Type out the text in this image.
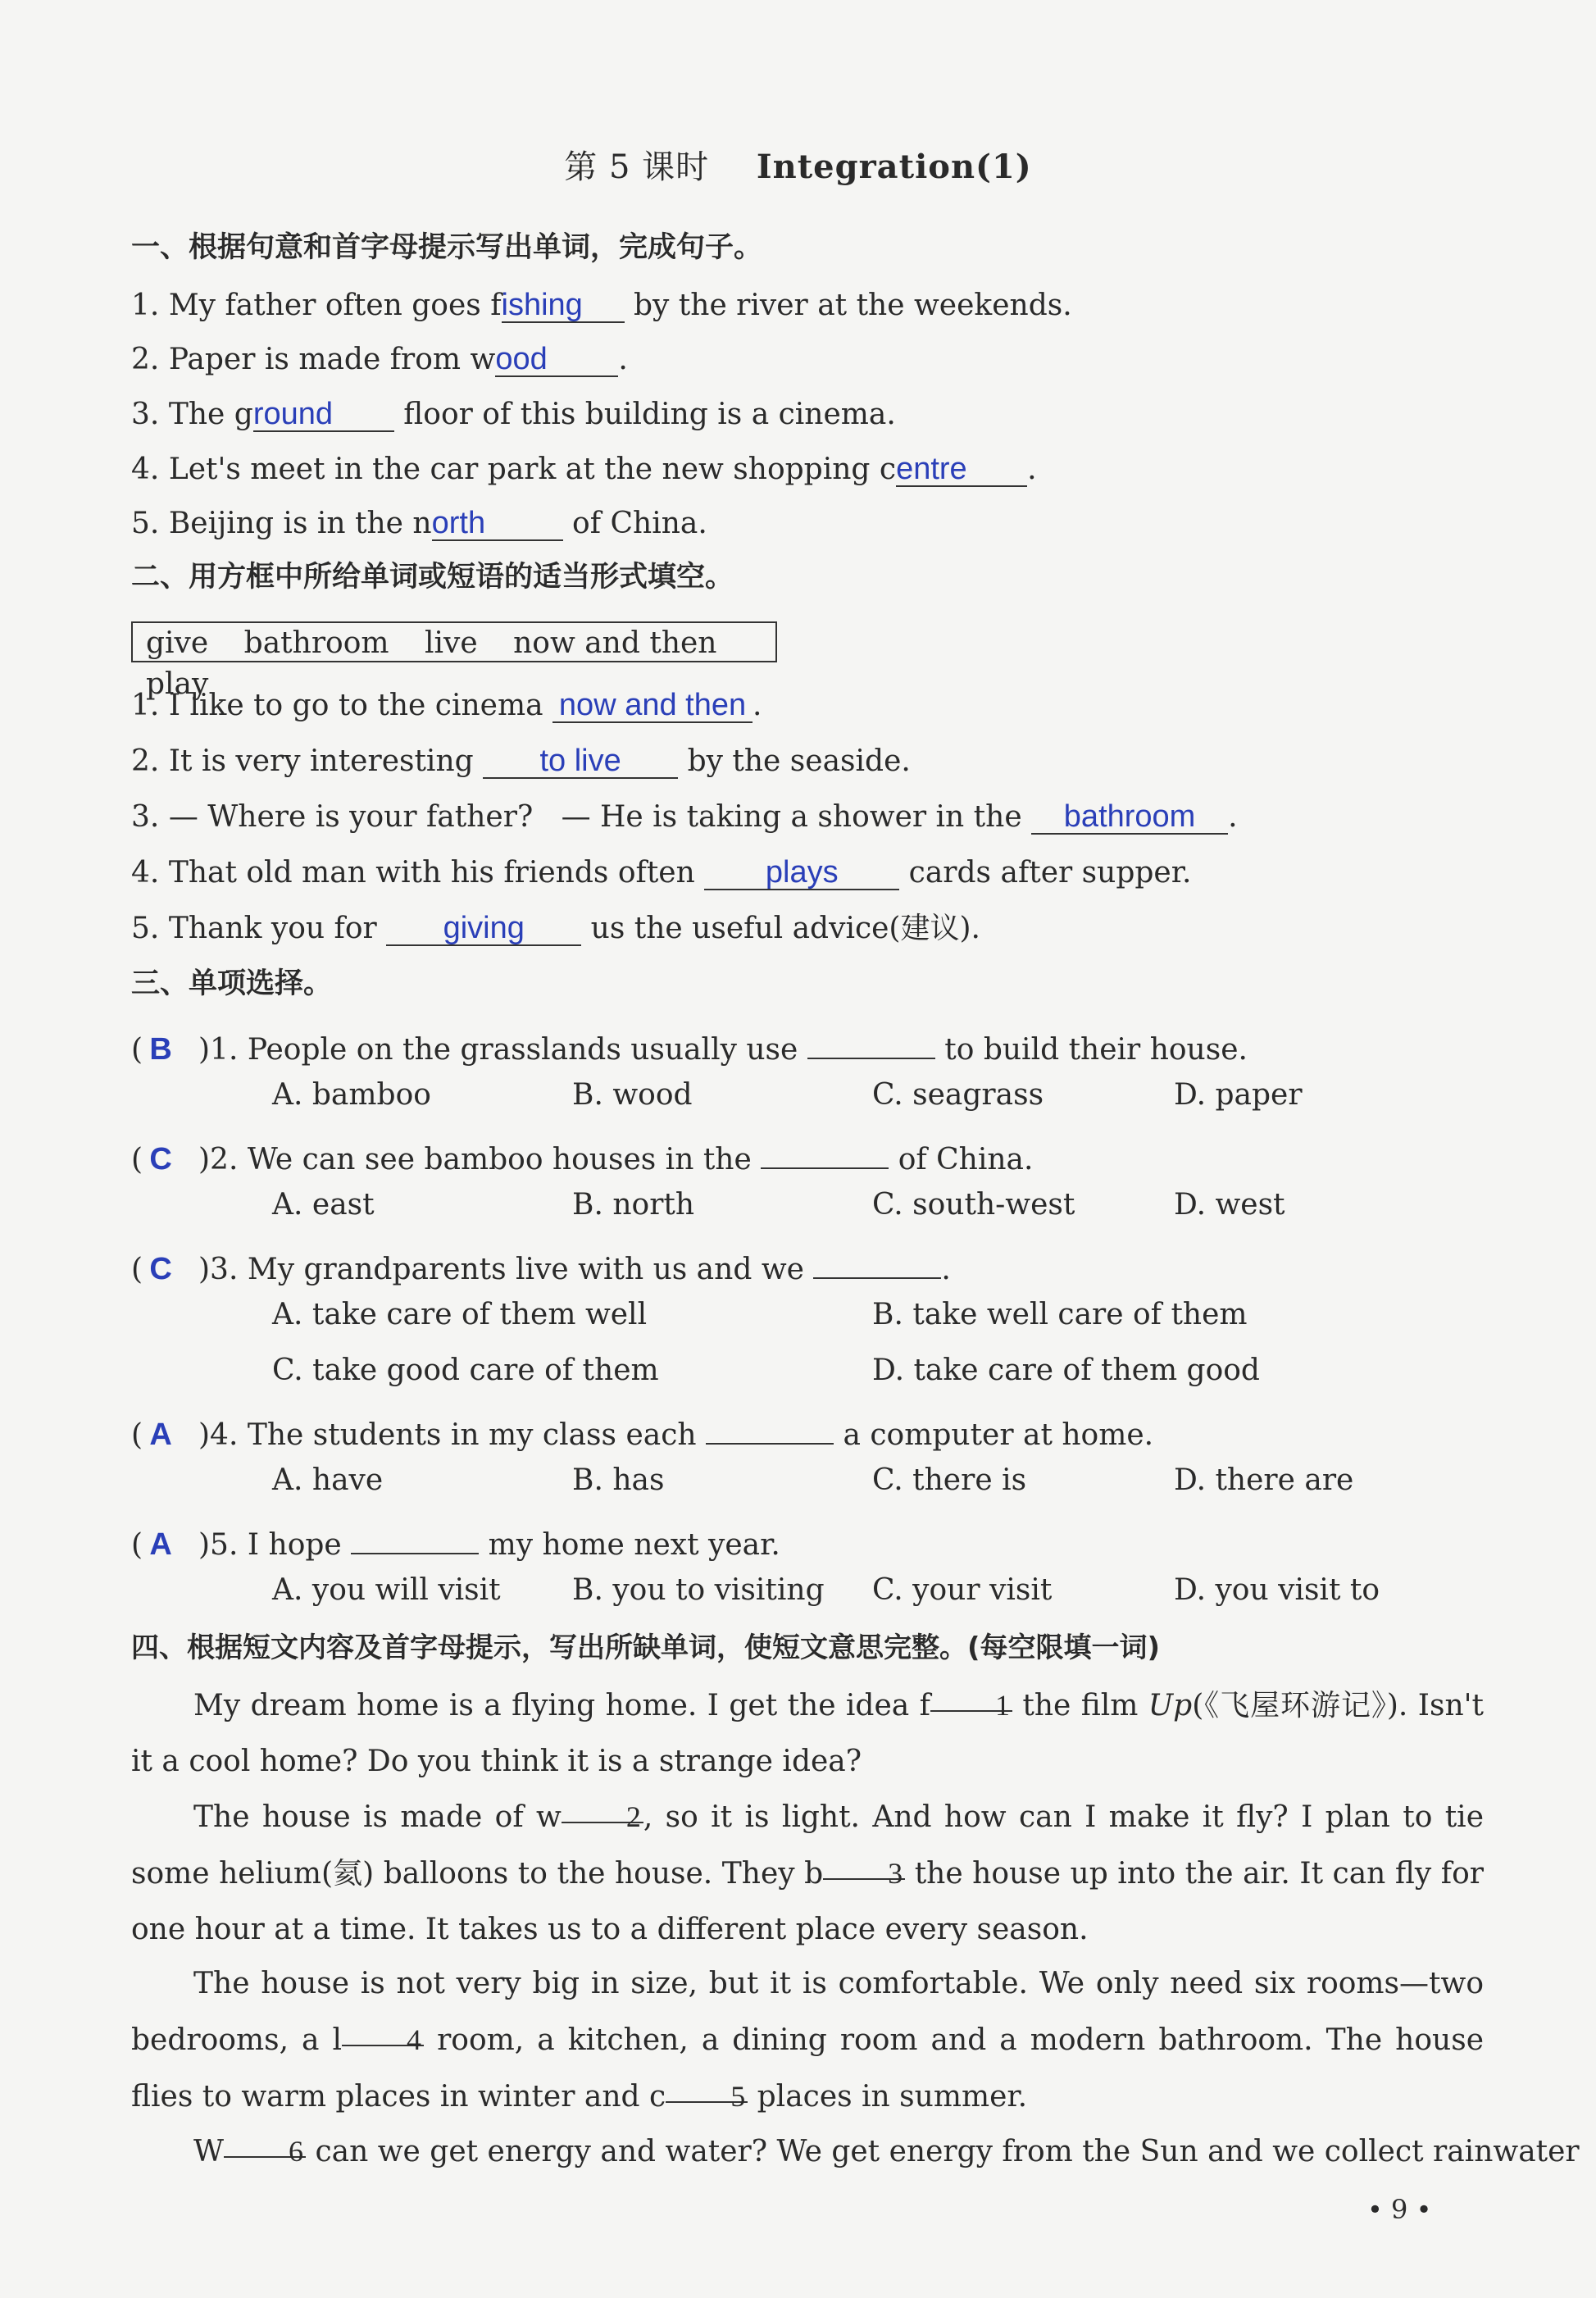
第 5 课时 Integration(1)
一、根据句意和首字母提示写出单词，完成句子。
1. My father often goes fishing by the river at the weekends.
2. Paper is made from wood .
3. The ground floor of this building is a cinema.
4. Let's meet in the car park at the new shopping centre .
5. Beijing is in the north	of China.
二、用方框中所给单词或短语的适当形式填空。
give bathroom live now and then play
1. I like to go to the cinema now and then .
2. It is very interesting to live by the seaside.
3. — Where is your father?   — He is taking a shower in the bathroom .
4. That old man with his friends often plays cards after supper.
5. Thank you for giving us the useful advice(建议).
三、单项选择。
( B )1. People on the grasslands usually use	to build their house.
A. bamboo	B. wood	C. seagrass	D. paper
( C )2. We can see bamboo houses in the	of China.
A. east	B. north	C. south-west	D. west
( C )3. My grandparents live with us and we	.
A. take care of them well	B. take well care of them
C. take good care of them	D. take care of them good
( A )4. The students in my class each	a computer at home.
A. have	B. has	C. there is	D. there are
( A )5. I hope	my home next year.
A. you will visit B. you to visiting C. your visit	D. you visit to
四、根据短文内容及首字母提示，写出所缺单词，使短文意思完整。(每空限填一词)
My dream home is a flying home. I get the idea f 1 the film Up(《飞屋环游记》). Isn't it a cool home? Do you think it is a strange idea?
The house is made of w 2, so it is light. And how can I make it fly? I plan to tie some helium(氦) balloons to the house. They b 3 the house up into the air. It can fly for one hour at a time. It takes us to a different place every season.
The house is not very big in size, but it is comfortable. We only need six rooms—two bedrooms, a l 4 room, a kitchen, a dining room and a modern bathroom. The house flies to warm places in winter and c 5 places in summer.
W 6 can we get energy and water? We get energy from the Sun and we collect rainwater
• 9 •
